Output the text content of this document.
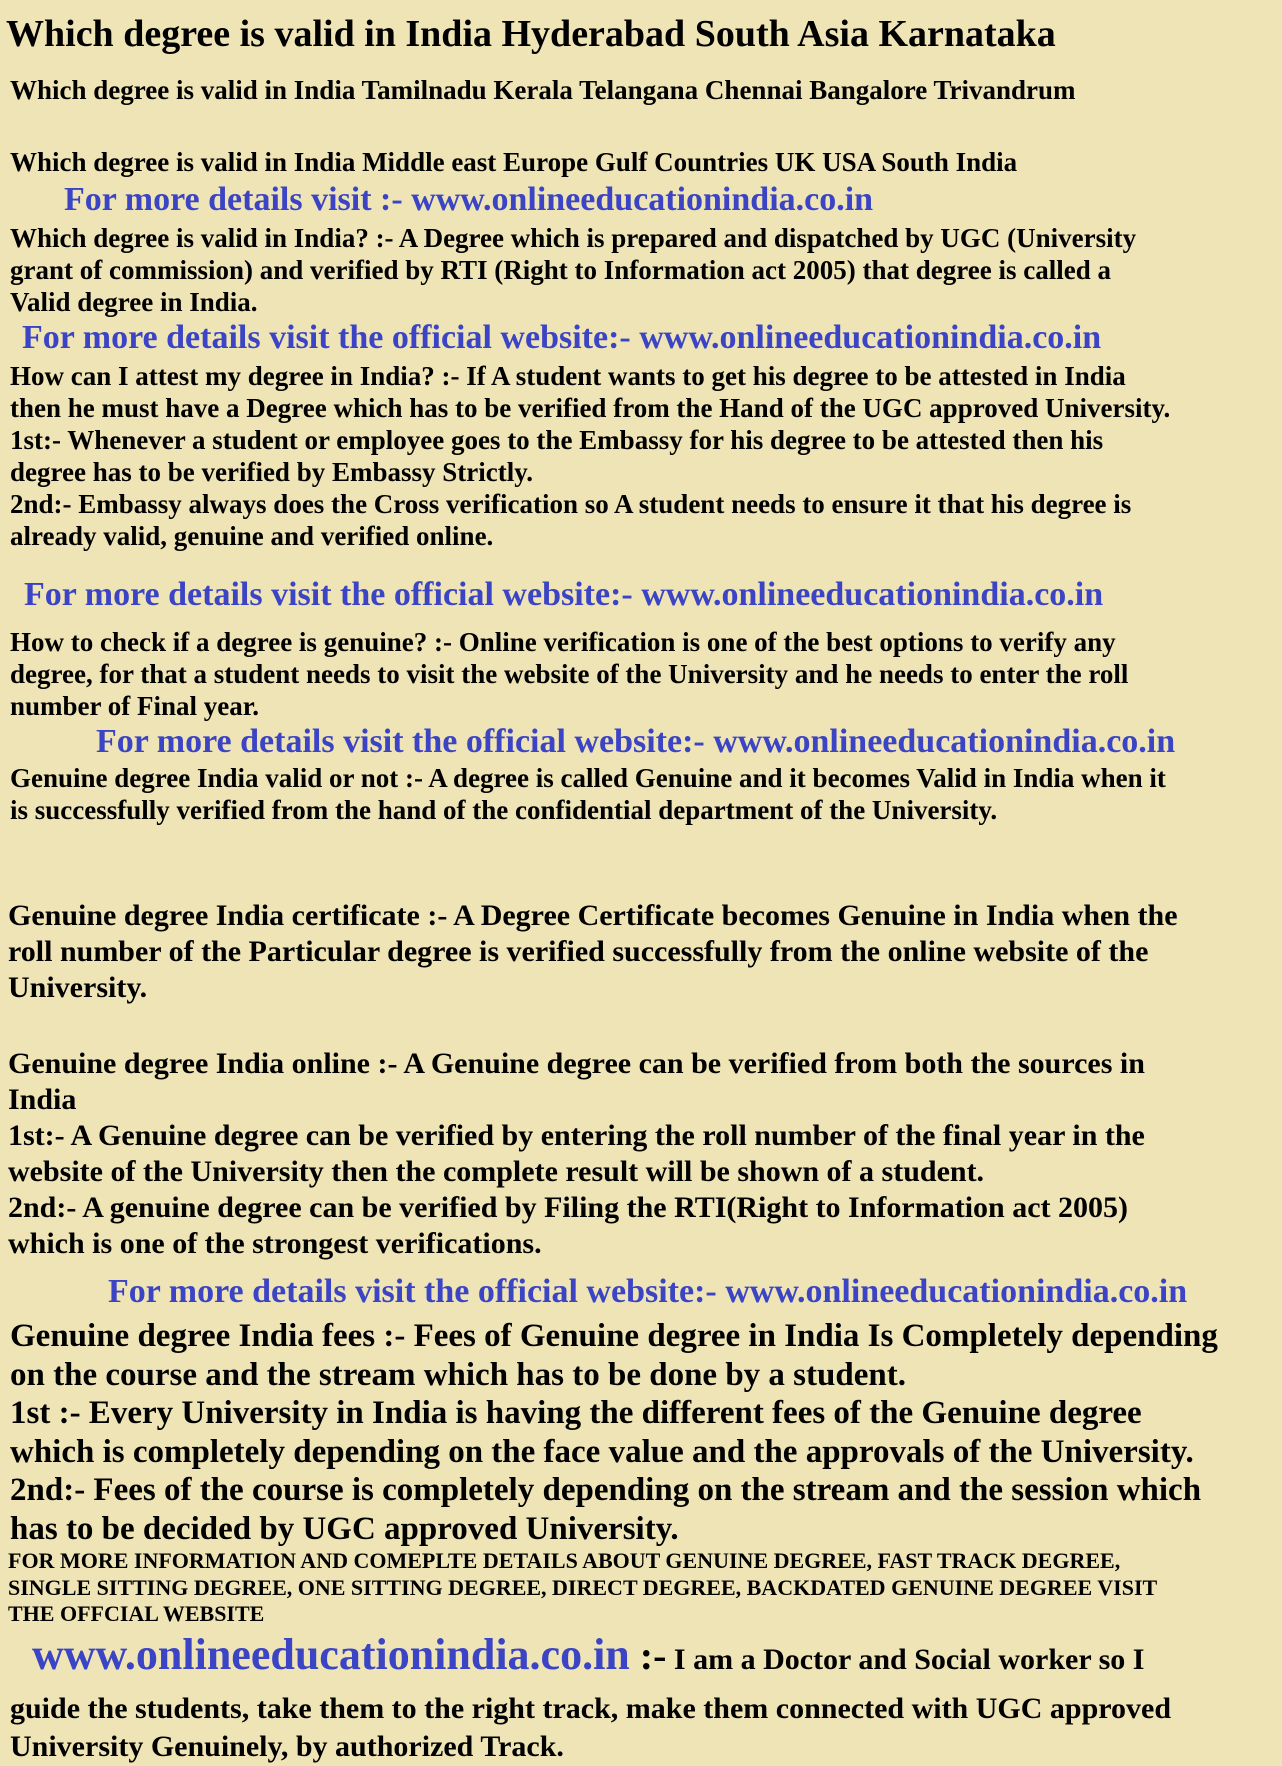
Which degree is valid in India Hyderabad South Asia Karnataka

Which degree is valid in India Tamilnadu Kerala Telangana Chennai Bangalore Trivandrum

Which degree is valid in India Middle east Europe Gulf Countries UK USA South India

For more details visit :- www.onlineeducationindia.co.in
Which degree is valid in India? :- A Degree which is prepared and dispatched by UGC (University
grant of commission) and verified by RTI (Right to Information act 2005) that degree is called a
Valid degree in India.
For more details visit the official website:- www.onlineeducationindia.co.in
How can I attest my degree in India? :- If A student wants to get his degree to be attested in India
then he must have a Degree which has to be verified from the Hand of the UGC approved University.
1st:- Whenever a student or employee goes to the Embassy for his degree to be attested then his
degree has to be verified by Embassy Strictly.
2nd:- Embassy always does the Cross verification so A student needs to ensure it that his degree is
already valid, genuine and verified online.
For more details visit the official website:- www.onlineeducationindia.co.in
How to check if a degree is genuine? :- Online verification is one of the best options to verify any
degree, for that a student needs to visit the website of the University and he needs to enter the roll
number of Final year.
For more details visit the official website:- www.onlineeducationindia.co.in
Genuine degree India valid or not :- A degree is called Genuine and it becomes Valid in India when it
is successfully verified from the hand of the confidential department of the University.
Genuine degree India certificate :- A Degree Certificate becomes Genuine in India when the
roll number of the Particular degree is verified successfully from the online website of the
University.
Genuine degree India online :- A Genuine degree can be verified from both the sources in
India
1st:- A Genuine degree can be verified by entering the roll number of the final year in the
website of the University then the complete result will be shown of a student.
2nd:- A genuine degree can be verified by Filing the RTI(Right to Information act 2005)
which is one of the strongest verifications.
For more details visit the official website:- www.onlineeducationindia.co.in
Genuine degree India fees :- Fees of Genuine degree in India Is Completely depending
on the course and the stream which has to be done by a student.
1st :- Every University in India is having the different fees of the Genuine degree
which is completely depending on the face value and the approvals of the University.
2nd:- Fees of the course is completely depending on the stream and the session which
has to be decided by UGC approved University.
FOR MORE INFORMATION AND COMEPLTE DETAILS ABOUT GENUINE DEGREE, FAST TRACK DEGREE,
SINGLE SITTING DEGREE, ONE SITTING DEGREE, DIRECT DEGREE, BACKDATED GENUINE DEGREE VISIT
THE OFFCIAL WEBSITE
www.onlineeducationindia.co.in :- I am a Doctor and Social worker so I
guide the students, take them to the right track, make them connected with UGC approved
University Genuinely, by authorized Track.
